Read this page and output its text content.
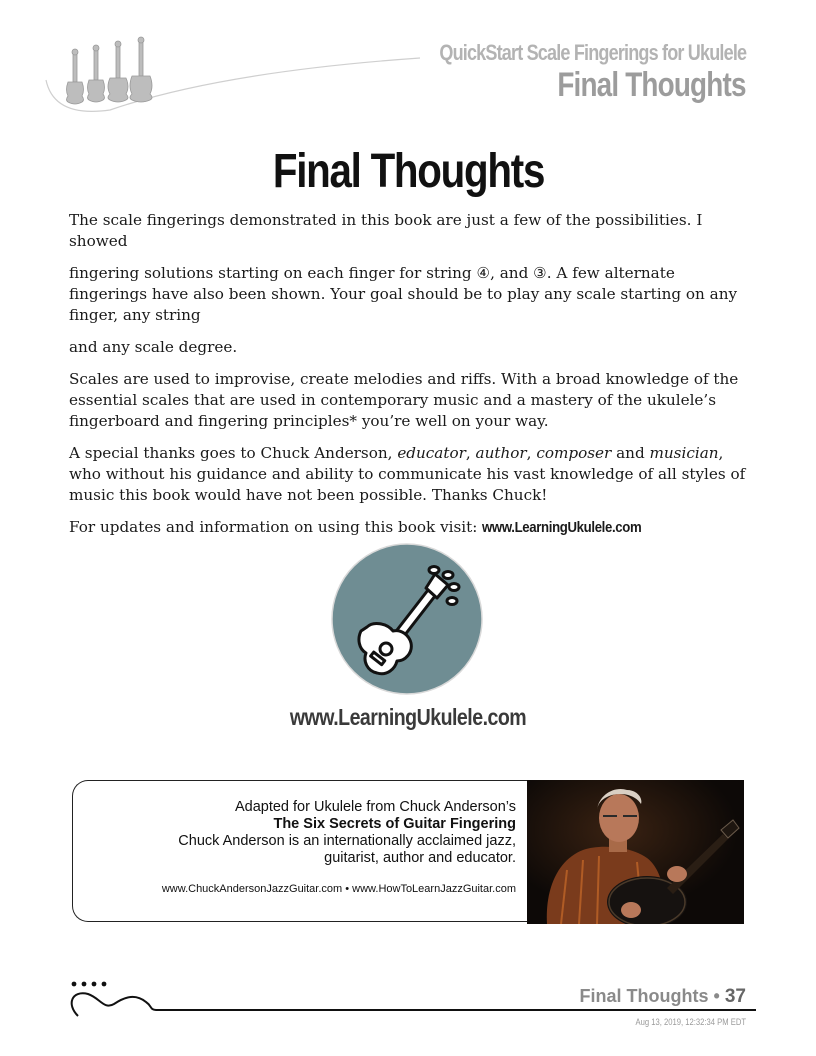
QuickStart Scale Fingerings for Ukulele
Final Thoughts
Final Thoughts

The scale fingerings demonstrated in this book are just a few of the possibilities. I showed

fingering solutions starting on each finger for string ④, and ③. A few alternate fingerings have also been shown. Your goal should be to play any scale starting on any finger, any string

and any scale degree.

Scales are used to improvise, create melodies and riffs. With a broad knowledge of the essential scales that are used in contemporary music and a mastery of the ukulele’s fingerboard and fingering principles* you’re well on your way.

A special thanks goes to Chuck Anderson, educator, author, composer and musician, who without his guidance and ability to communicate his vast knowledge of all styles of music this book would have not been possible. Thanks Chuck!

For updates and information on using this book visit: www.LearningUkulele.com

www.LearningUkulele.com
Adapted for Ukulele from Chuck Anderson’s
The Six Secrets of Guitar Fingering
Chuck Anderson is an internationally acclaimed jazz,
guitarist, author and educator.
www.ChuckAndersonJazzGuitar.com • www.HowToLearnJazzGuitar.com
Final Thoughts • 37
Aug 13, 2019, 12:32:34 PM EDT
